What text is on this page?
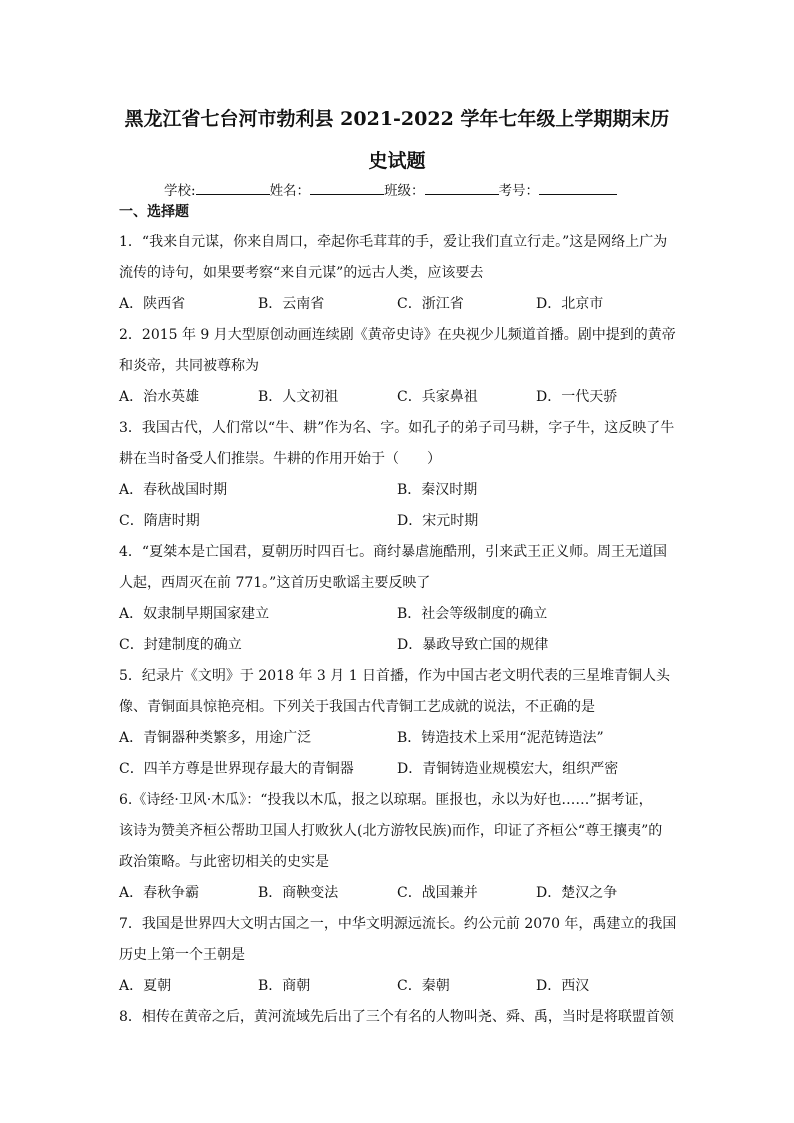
黑龙江省七台河市勃利县 2021-2022 学年七年级上学期期末历
史试题
学校:	姓名：	班级：	考号：
一、选择题
1．“我来自元谋，你来自周口，牵起你毛茸茸的手，爱让我们直立行走。”这是网络上广为
流传的诗句，如果要考察“来自元谋”的远古人类，应该要去
A．陕西省	B．云南省	C．浙江省	D．北京市
2．2015 年 9 月大型原创动画连续剧《黄帝史诗》在央视少儿频道首播。剧中提到的黄帝
和炎帝，共同被尊称为
A．治水英雄	B．人文初祖	C．兵家鼻祖	D．一代天骄
3．我国古代，人们常以“牛、耕”作为名、字。如孔子的弟子司马耕，字子牛，这反映了牛
耕在当时备受人们推崇。牛耕的作用开始于（　　）
A．春秋战国时期	B．秦汉时期
C．隋唐时期	D．宋元时期
4．“夏桀本是亡国君，夏朝历时四百七。商纣暴虐施酷刑，引来武王正义师。周王无道国
人起，西周灭在前 771。”这首历史歌谣主要反映了
A．奴隶制早期国家建立	B．社会等级制度的确立
C．封建制度的确立	D．暴政导致亡国的规律
5．纪录片《文明》于 2018 年 3 月 1 日首播，作为中国古老文明代表的三星堆青铜人头
像、青铜面具惊艳亮相。下列关于我国古代青铜工艺成就的说法，不正确的是
A．青铜器种类繁多，用途广泛	B．铸造技术上采用“泥范铸造法”
C．四羊方尊是世界现存最大的青铜器	D．青铜铸造业规模宏大，组织严密
6.《诗经·卫风·木瓜》：“投我以木瓜，报之以琼琚。匪报也，永以为好也……”据考证，
该诗为赞美齐桓公帮助卫国人打败狄人(北方游牧民族)而作，印证了齐桓公“尊王攘夷”的
政治策略。与此密切相关的史实是
A．春秋争霸	B．商鞅变法	C．战国兼并	D．楚汉之争
7．我国是世界四大文明古国之一，中华文明源远流长。约公元前 2070 年，禹建立的我国
历史上第一个王朝是
A．夏朝	B．商朝	C．秦朝	D．西汉
8．相传在黄帝之后，黄河流域先后出了三个有名的人物叫尧、舜、禹，当时是将联盟首领
